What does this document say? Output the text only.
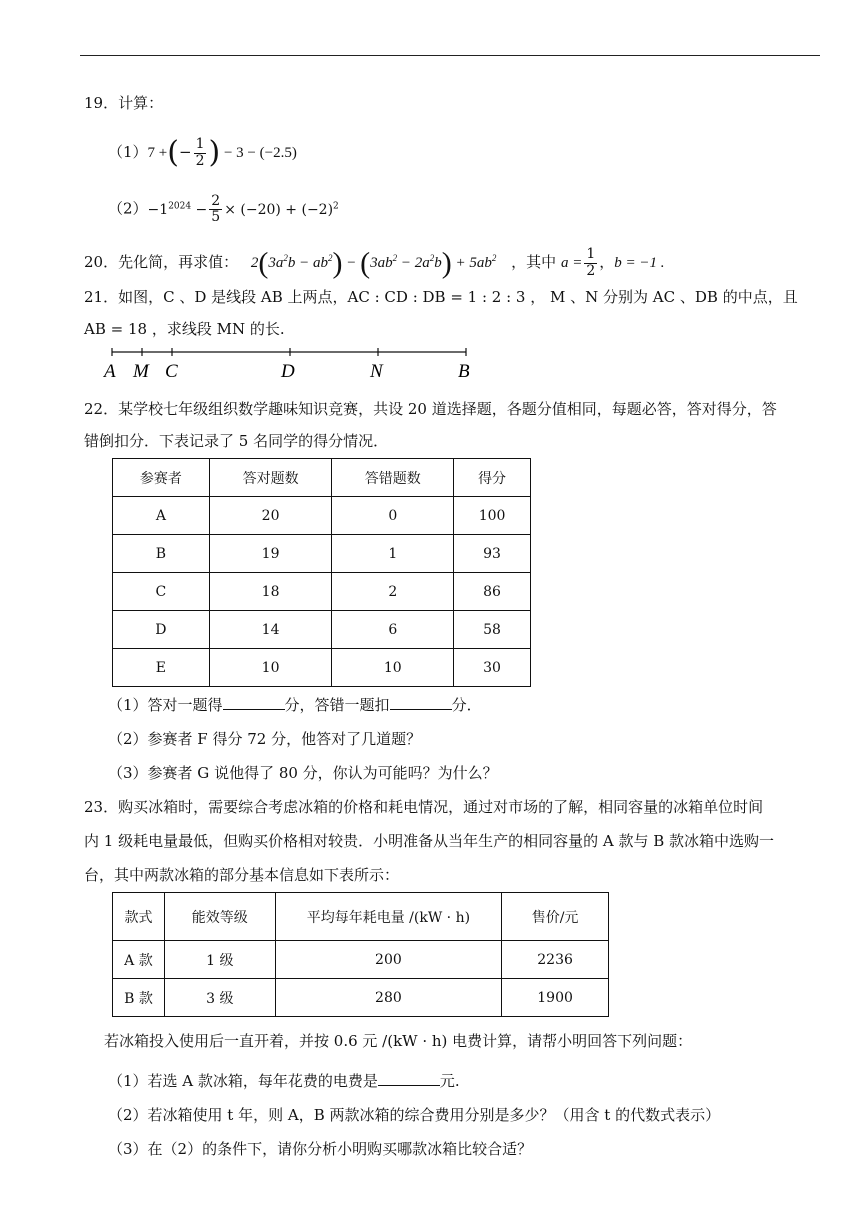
19．计算：
（1）7 +(− $\frac{1}{2}$ ) − 3 − (−2.5)
$(2)-1^{2024} - \frac{2}{5} \times (-20) + (-2)^2$
20．先化简，再求值： $2(3a^2b - ab^2) - (3ab^2 - 2a^2b) + 5ab^2$ ，其中 $a = \frac{1}{2}$ ，b = −1 .
21．如图，C 、D 是线段 AB 上两点，AC : CD : DB = 1 : 2 : 3 ， M 、N 分别为 AC 、DB 的中点，且
AB = 18 ，求线段 MN 的长.
A M C	D	N	B
22．某学校七年级组织数学趣味知识竞赛，共设 20 道选择题，各题分值相同，每题必答，答对得分，答
错倒扣分．下表记录了 5 名同学的得分情况．
参赛者	答对题数	答错题数	得分
A	20	0	100
B	19	1	93
C	18	2	86
D	14	6	58
E	10	10	30
（1）答对一题得	分，答错一题扣	分．
（2）参赛者 F 得分 72 分，他答对了几道题？
（3）参赛者 G 说他得了 80 分，你认为可能吗？为什么？
23．购买冰箱时，需要综合考虑冰箱的价格和耗电情况，通过对市场的了解，相同容量的冰箱单位时间
内 1 级耗电量最低，但购买价格相对较贵．小明准备从当年生产的相同容量的 A 款与 B 款冰箱中选购一
台，其中两款冰箱的部分基本信息如下表所示：
款式	能效等级	平均每年耗电量 /(kW · h)	售价/元
A 款	1 级	200	2236
B 款	3 级	280	1900
若冰箱投入使用后一直开着，并按 0.6 元 /(kW · h) 电费计算，请帮小明回答下列问题：
（1）若选 A 款冰箱，每年花费的电费是	元.
（2）若冰箱使用 t 年，则 A，B 两款冰箱的综合费用分别是多少？（用含 t 的代数式表示）
（3）在（2）的条件下，请你分析小明购买哪款冰箱比较合适？
